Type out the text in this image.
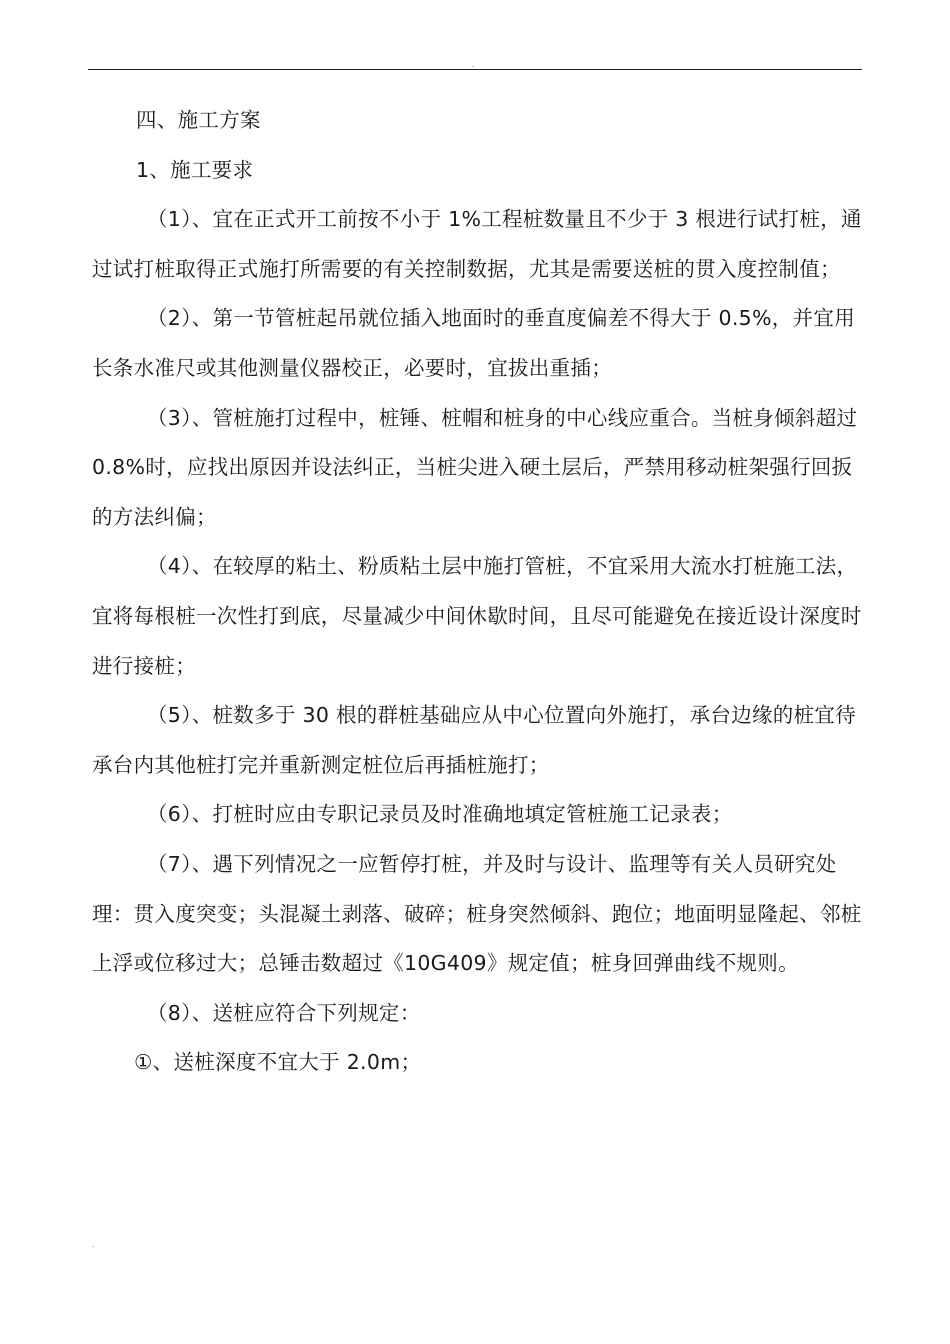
.

四、施工方案

1、施工要求

（1）、宜在正式开工前按不小于 1%工程桩数量且不少于 3 根进行试打桩，通过试打桩取得正式施打所需要的有关控制数据，尤其是需要送桩的贯入度控制值；

（2）、第一节管桩起吊就位插入地面时的垂直度偏差不得大于 0.5%，并宜用长条水准尺或其他测量仪器校正，必要时，宜拔出重插；

（3）、管桩施打过程中，桩锤、桩帽和桩身的中心线应重合。当桩身倾斜超过 0.8%时，应找出原因并设法纠正，当桩尖进入硬土层后，严禁用移动桩架强行回扳的方法纠偏；

（4）、在较厚的粘土、粉质粘土层中施打管桩，不宜采用大流水打桩施工法，宜将每根桩一次性打到底，尽量减少中间休歇时间，且尽可能避免在接近设计深度时进行接桩；

（5）、桩数多于 30 根的群桩基础应从中心位置向外施打，承台边缘的桩宜待承台内其他桩打完并重新测定桩位后再插桩施打；

（6）、打桩时应由专职记录员及时准确地填定管桩施工记录表；

（7）、遇下列情况之一应暂停打桩，并及时与设计、监理等有关人员研究处理：贯入度突变；头混凝土剥落、破碎；桩身突然倾斜、跑位；地面明显隆起、邻桩上浮或位移过大；总锤击数超过《10G409》规定值；桩身回弹曲线不规则。

（8）、送桩应符合下列规定：

①、送桩深度不宜大于 2.0m；

.
